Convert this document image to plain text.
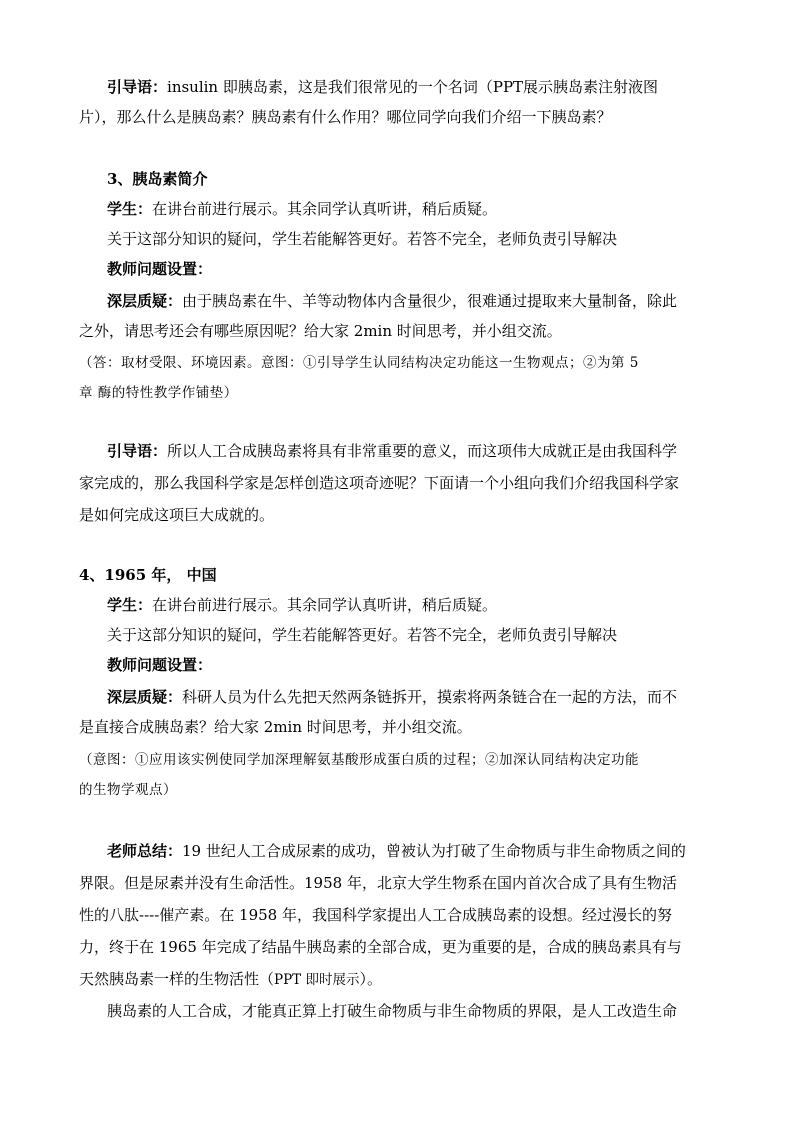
引导语：insulin 即胰岛素，这是我们很常见的一个名词（PPT展示胰岛素注射液图
片），那么什么是胰岛素？胰岛素有什么作用？哪位同学向我们介绍一下胰岛素？
3、胰岛素简介
学生：在讲台前进行展示。其余同学认真听讲，稍后质疑。
关于这部分知识的疑问，学生若能解答更好。若答不完全，老师负责引导解决
教师问题设置：
深层质疑：由于胰岛素在牛、羊等动物体内含量很少，很难通过提取来大量制备，除此
之外，请思考还会有哪些原因呢？给大家 2min 时间思考，并小组交流。
（答：取材受限、环境因素。意图：①引导学生认同结构决定功能这一生物观点；②为第 5
章 酶的特性教学作铺垫）
引导语：所以人工合成胰岛素将具有非常重要的意义，而这项伟大成就正是由我国科学
家完成的，那么我国科学家是怎样创造这项奇迹呢？下面请一个小组向我们介绍我国科学家
是如何完成这项巨大成就的。
4、1965 年， 中国
学生：在讲台前进行展示。其余同学认真听讲，稍后质疑。
关于这部分知识的疑问，学生若能解答更好。若答不完全，老师负责引导解决
教师问题设置：
深层质疑：科研人员为什么先把天然两条链拆开，摸索将两条链合在一起的方法，而不
是直接合成胰岛素？给大家 2min 时间思考，并小组交流。
（意图：①应用该实例使同学加深理解氨基酸形成蛋白质的过程；②加深认同结构决定功能
的生物学观点）
老师总结：19 世纪人工合成尿素的成功，曾被认为打破了生命物质与非生命物质之间的
界限。但是尿素并没有生命活性。1958 年，北京大学生物系在国内首次合成了具有生物活
性的八肽----催产素。在 1958 年，我国科学家提出人工合成胰岛素的设想。经过漫长的努
力，终于在 1965 年完成了结晶牛胰岛素的全部合成，更为重要的是，合成的胰岛素具有与
天然胰岛素一样的生物活性（PPT 即时展示）。
胰岛素的人工合成，才能真正算上打破生命物质与非生命物质的界限，是人工改造生命
